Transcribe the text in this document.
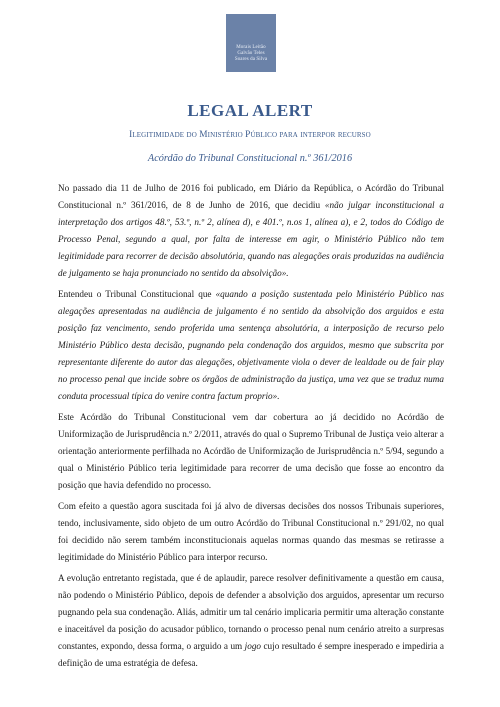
Morais Leitão
Galvão Teles
Soares da Silva
LEGAL ALERT
Ilegitimidade do Ministério Público para interpor recurso
Acórdão do Tribunal Constitucional n.º 361/2016

No passado dia 11 de Julho de 2016 foi publicado, em Diário da República, o Acórdão do Tribunal Constitucional n.º 361/2016, de 8 de Junho de 2016, que decidiu «não julgar inconstitucional a interpretação dos artigos 48.º, 53.º, n.º 2, alínea d), e 401.º, n.os 1, alínea a), e 2, todos do Código de Processo Penal, segundo a qual, por falta de interesse em agir, o Ministério Público não tem legitimidade para recorrer de decisão absolutória, quando nas alegações orais produzidas na audiência de julgamento se haja pronunciado no sentido da absolvição».

Entendeu o Tribunal Constitucional que «quando a posição sustentada pelo Ministério Público nas alegações apresentadas na audiência de julgamento é no sentido da absolvição dos arguidos e esta posição faz vencimento, sendo proferida uma sentença absolutória, a interposição de recurso pelo Ministério Público desta decisão, pugnando pela condenação dos arguidos, mesmo que subscrita por representante diferente do autor das alegações, objetivamente viola o dever de lealdade ou de fair play no processo penal que incide sobre os órgãos de administração da justiça, uma vez que se traduz numa conduta processual típica do venire contra factum proprio».

Este Acórdão do Tribunal Constitucional vem dar cobertura ao já decidido no Acórdão de Uniformização de Jurisprudência n.º 2/2011, através do qual o Supremo Tribunal de Justiça veio alterar a orientação anteriormente perfilhada no Acórdão de Uniformização de Jurisprudência n.º 5/94, segundo a qual o Ministério Público teria legitimidade para recorrer de uma decisão que fosse ao encontro da posição que havia defendido no processo.

Com efeito a questão agora suscitada foi já alvo de diversas decisões dos nossos Tribunais superiores, tendo, inclusivamente, sido objeto de um outro Acórdão do Tribunal Constitucional n.º 291/02, no qual foi decidido não serem também inconstitucionais aquelas normas quando das mesmas se retirasse a legitimidade do Ministério Público para interpor recurso.

A evolução entretanto registada, que é de aplaudir, parece resolver definitivamente a questão em causa, não podendo o Ministério Público, depois de defender a absolvição dos arguidos, apresentar um recurso pugnando pela sua condenação. Aliás, admitir um tal cenário implicaria permitir uma alteração constante e inaceitável da posição do acusador público, tornando o processo penal num cenário atreito a surpresas constantes, expondo, dessa forma, o arguido a um jogo cujo resultado é sempre inesperado e impediria a definição de uma estratégia de defesa.
